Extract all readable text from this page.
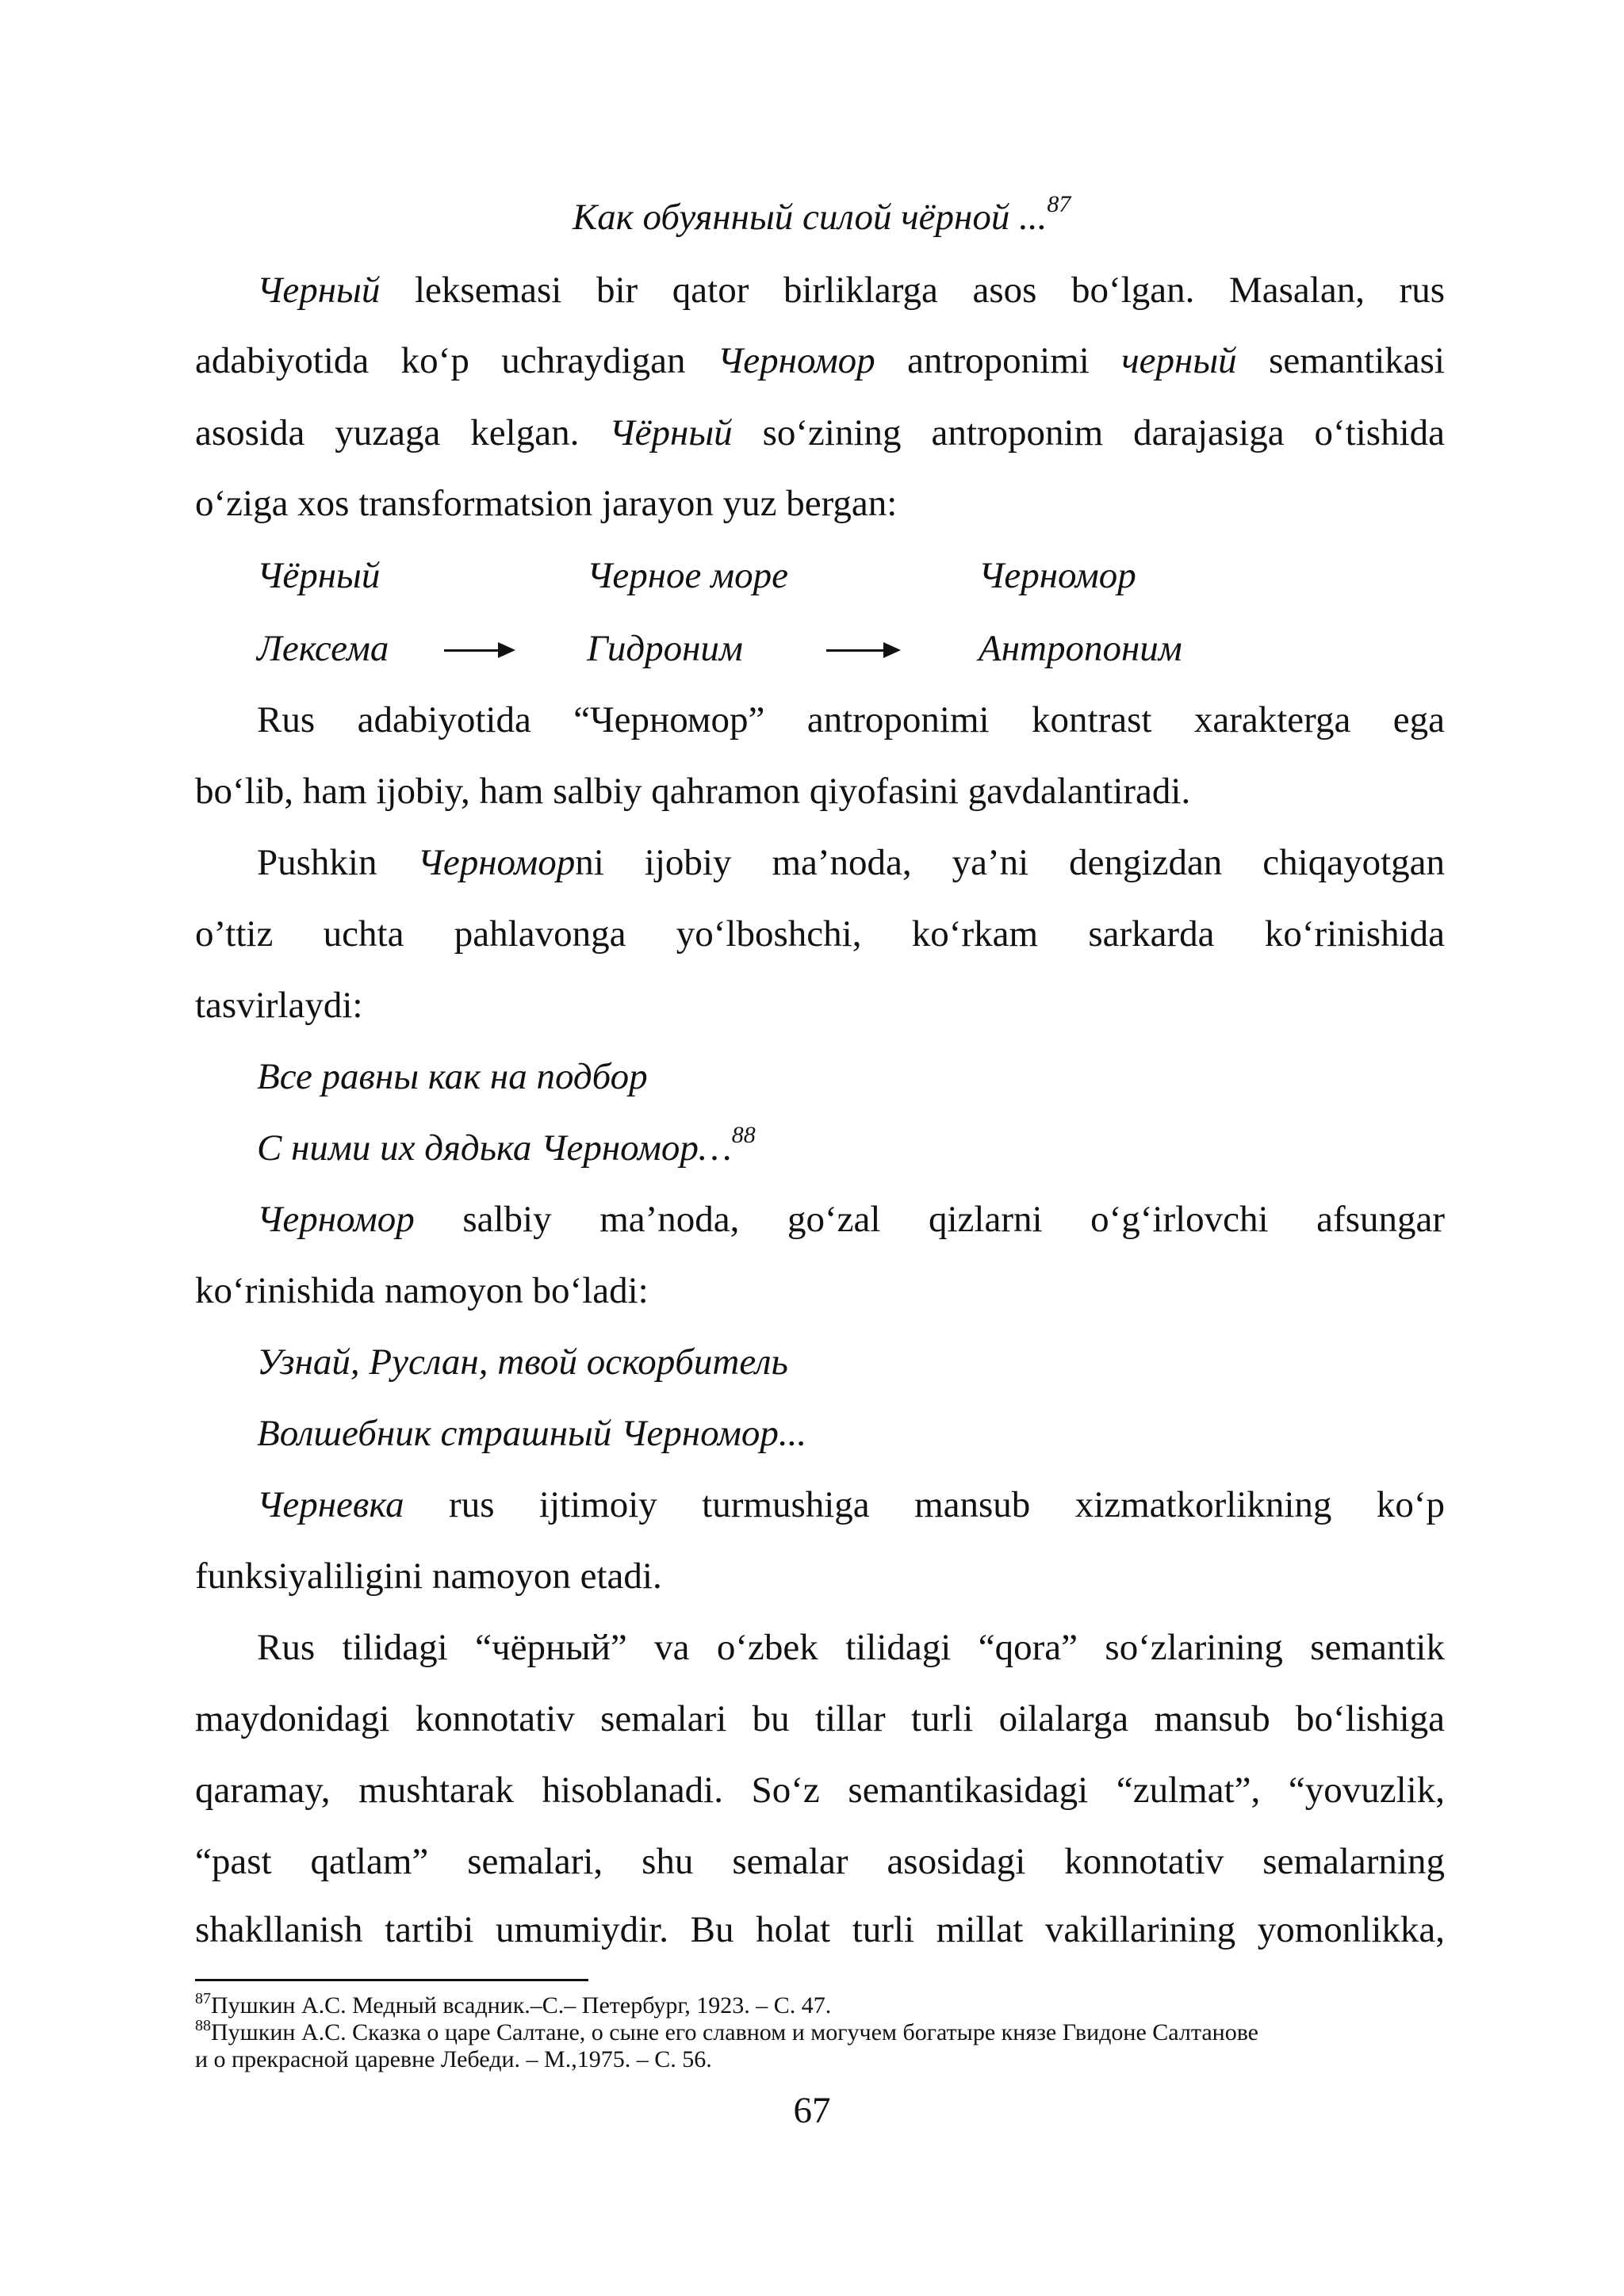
Как обуянный силой чёрной ...$^{87}$
Черный leksemasi bir qator birliklarga asos bo‘lgan. Masalan, rus
adabiyotida ko‘p uchraydigan Черномор antroponimi черный semantikasi
asosida yuzaga kelgan. Чёрный so‘zining antroponim darajasiga o‘tishida
o‘ziga xos transformatsion jarayon yuz bergan:
Чёрный	Черное море	Черномор
Лексема	Гидроним	Антропоним
Rus adabiyotida “Черномор” antroponimi kontrast xarakterga ega
bo‘lib, ham ijobiy, ham salbiy qahramon qiyofasini gavdalantiradi.
Pushkin Черноморni ijobiy ma’noda, ya’ni dengizdan chiqayotgan
o’ttiz uchta pahlavonga yo‘lboshchi, ko‘rkam sarkarda ko‘rinishida
tasvirlaydi:
Все равны как на подбор
С ними их дядька Черномор…$^{88}$
Черномор salbiy ma’noda, go‘zal qizlarni o‘g‘irlovchi afsungar
ko‘rinishida namoyon bo‘ladi:
Узнай, Руслан, твой оскорбитель
Волшебник страшный Черномор...
Черневка rus ijtimoiy turmushiga mansub xizmatkorlikning ko‘p
funksiyaliligini namoyon etadi.
Rus tilidagi “чёрный” va o‘zbek tilidagi “qora” so‘zlarining semantik
maydonidagi konnotativ semalari bu tillar turli oilalarga mansub bo‘lishiga
qaramay, mushtarak hisoblanadi. So‘z semantikasidagi “zulmat”, “yovuzlik,
“past qatlam” semalari, shu semalar asosidagi konnotativ semalarning
shakllanish tartibi umumiydir. Bu holat turli millat vakillarining yomonlikka,
$^{87}$Пушкин А.С. Медный всадник.–С.– Петербург, 1923. – С. 47.
$^{88}$Пушкин А.С. Сказка о царе Салтане, о сыне его славном и могучем богатыре князе Гвидоне Салтанове
и о прекрасной царевне Лебеди. – М.,1975. – С. 56.
67
